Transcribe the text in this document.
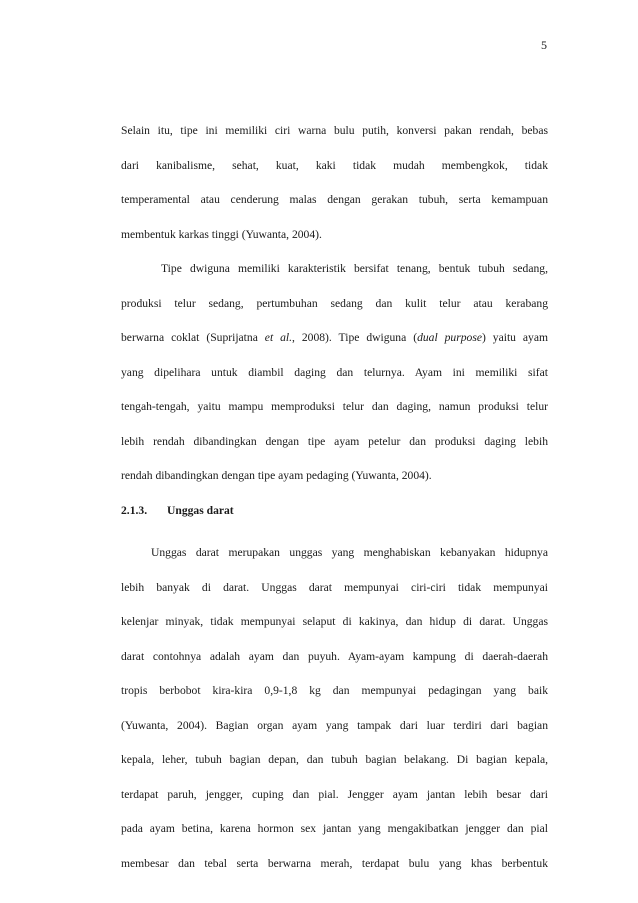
5
Selain itu, tipe ini memiliki ciri warna bulu putih, konversi pakan rendah, bebas
dari kanibalisme, sehat, kuat, kaki tidak mudah membengkok, tidak
temperamental atau cenderung malas dengan gerakan tubuh, serta kemampuan
membentuk karkas tinggi (Yuwanta, 2004).
Tipe dwiguna memiliki karakteristik bersifat tenang, bentuk tubuh sedang,
produksi telur sedang, pertumbuhan sedang dan kulit telur atau kerabang
berwarna coklat (Suprijatna et al., 2008). Tipe dwiguna (dual purpose) yaitu ayam
yang dipelihara untuk diambil daging dan telurnya. Ayam ini memiliki sifat
tengah-tengah, yaitu mampu memproduksi telur dan daging, namun produksi telur
lebih rendah dibandingkan dengan tipe ayam petelur dan produksi daging lebih
rendah dibandingkan dengan tipe ayam pedaging (Yuwanta, 2004).
2.1.3. Unggas darat
Unggas darat merupakan unggas yang menghabiskan kebanyakan hidupnya
lebih banyak di darat. Unggas darat mempunyai ciri-ciri tidak mempunyai
kelenjar minyak, tidak mempunyai selaput di kakinya, dan hidup di darat. Unggas
darat contohnya adalah ayam dan puyuh. Ayam-ayam kampung di daerah-daerah
tropis berbobot kira-kira 0,9-1,8 kg dan mempunyai pedagingan yang baik
(Yuwanta, 2004). Bagian organ ayam yang tampak dari luar terdiri dari bagian
kepala, leher, tubuh bagian depan, dan tubuh bagian belakang. Di bagian kepala,
terdapat paruh, jengger, cuping dan pial. Jengger ayam jantan lebih besar dari
pada ayam betina, karena hormon sex jantan yang mengakibatkan jengger dan pial
membesar dan tebal serta berwarna merah, terdapat bulu yang khas berbentuk
